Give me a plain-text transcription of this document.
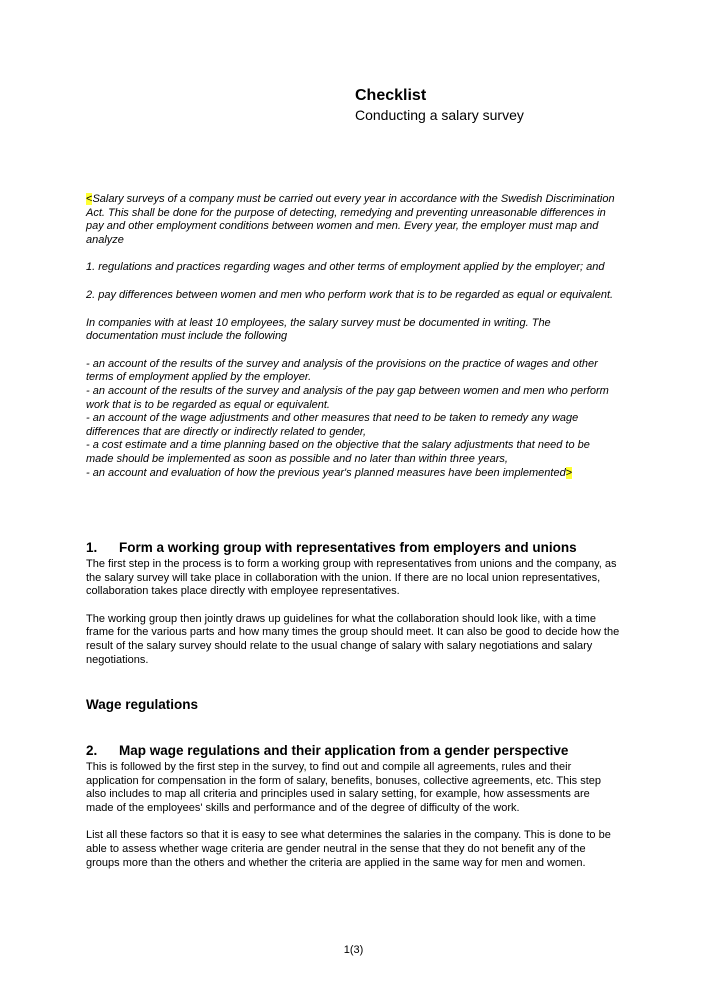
Checklist
Conducting a salary survey

<Salary surveys of a company must be carried out every year in accordance with the Swedish Discrimination Act. This shall be done for the purpose of detecting, remedying and preventing unreasonable differences in pay and other employment conditions between women and men. Every year, the employer must map and analyze

1. regulations and practices regarding wages and other terms of employment applied by the employer; and

2. pay differences between women and men who perform work that is to be regarded as equal or equivalent.

In companies with at least 10 employees, the salary survey must be documented in writing. The documentation must include the following

- an account of the results of the survey and analysis of the provisions on the practice of wages and other terms of employment applied by the employer.

- an account of the results of the survey and analysis of the pay gap between women and men who perform work that is to be regarded as equal or equivalent.

- an account of the wage adjustments and other measures that need to be taken to remedy any wage differences that are directly or indirectly related to gender,

- a cost estimate and a time planning based on the objective that the salary adjustments that need to be made should be implemented as soon as possible and no later than within three years,

- an account and evaluation of how the previous year's planned measures have been implemented>

1. Form a working group with representatives from employers and unions

The first step in the process is to form a working group with representatives from unions and the company, as the salary survey will take place in collaboration with the union. If there are no local union representatives, collaboration takes place directly with employee representatives.

The working group then jointly draws up guidelines for what the collaboration should look like, with a time frame for the various parts and how many times the group should meet. It can also be good to decide how the result of the salary survey should relate to the usual change of salary with salary negotiations and salary negotiations.

Wage regulations
2. Map wage regulations and their application from a gender perspective

This is followed by the first step in the survey, to find out and compile all agreements, rules and their application for compensation in the form of salary, benefits, bonuses, collective agreements, etc. This step also includes to map all criteria and principles used in salary setting, for example, how assessments are made of the employees' skills and performance and of the degree of difficulty of the work.

List all these factors so that it is easy to see what determines the salaries in the company. This is done to be able to assess whether wage criteria are gender neutral in the sense that they do not benefit any of the groups more than the others and whether the criteria are applied in the same way for men and women.

1(3)
